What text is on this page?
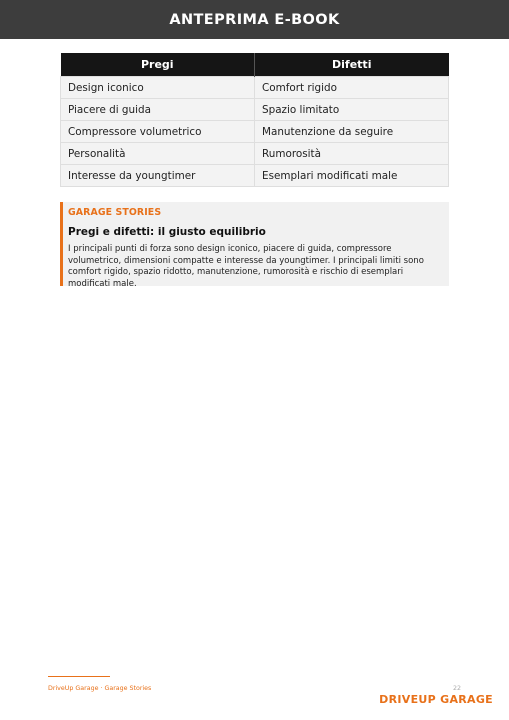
ANTEPRIMA E-BOOK
Pregi	Difetti
Design iconico	Comfort rigido
Piacere di guida	Spazio limitato
Compressore volumetrico	Manutenzione da seguire
Personalità	Rumorosità
Interesse da youngtimer	Esemplari modificati male
GARAGE STORIES
Pregi e difetti: il giusto equilibrio
I principali punti di forza sono design iconico, piacere di guida, compressore volumetrico, dimensioni compatte e interesse da youngtimer. I principali limiti sono comfort rigido, spazio ridotto, manutenzione, rumorosità e rischio di esemplari modificati male.
DriveUp Garage · Garage Stories	22
DRIVEUP GARAGE
